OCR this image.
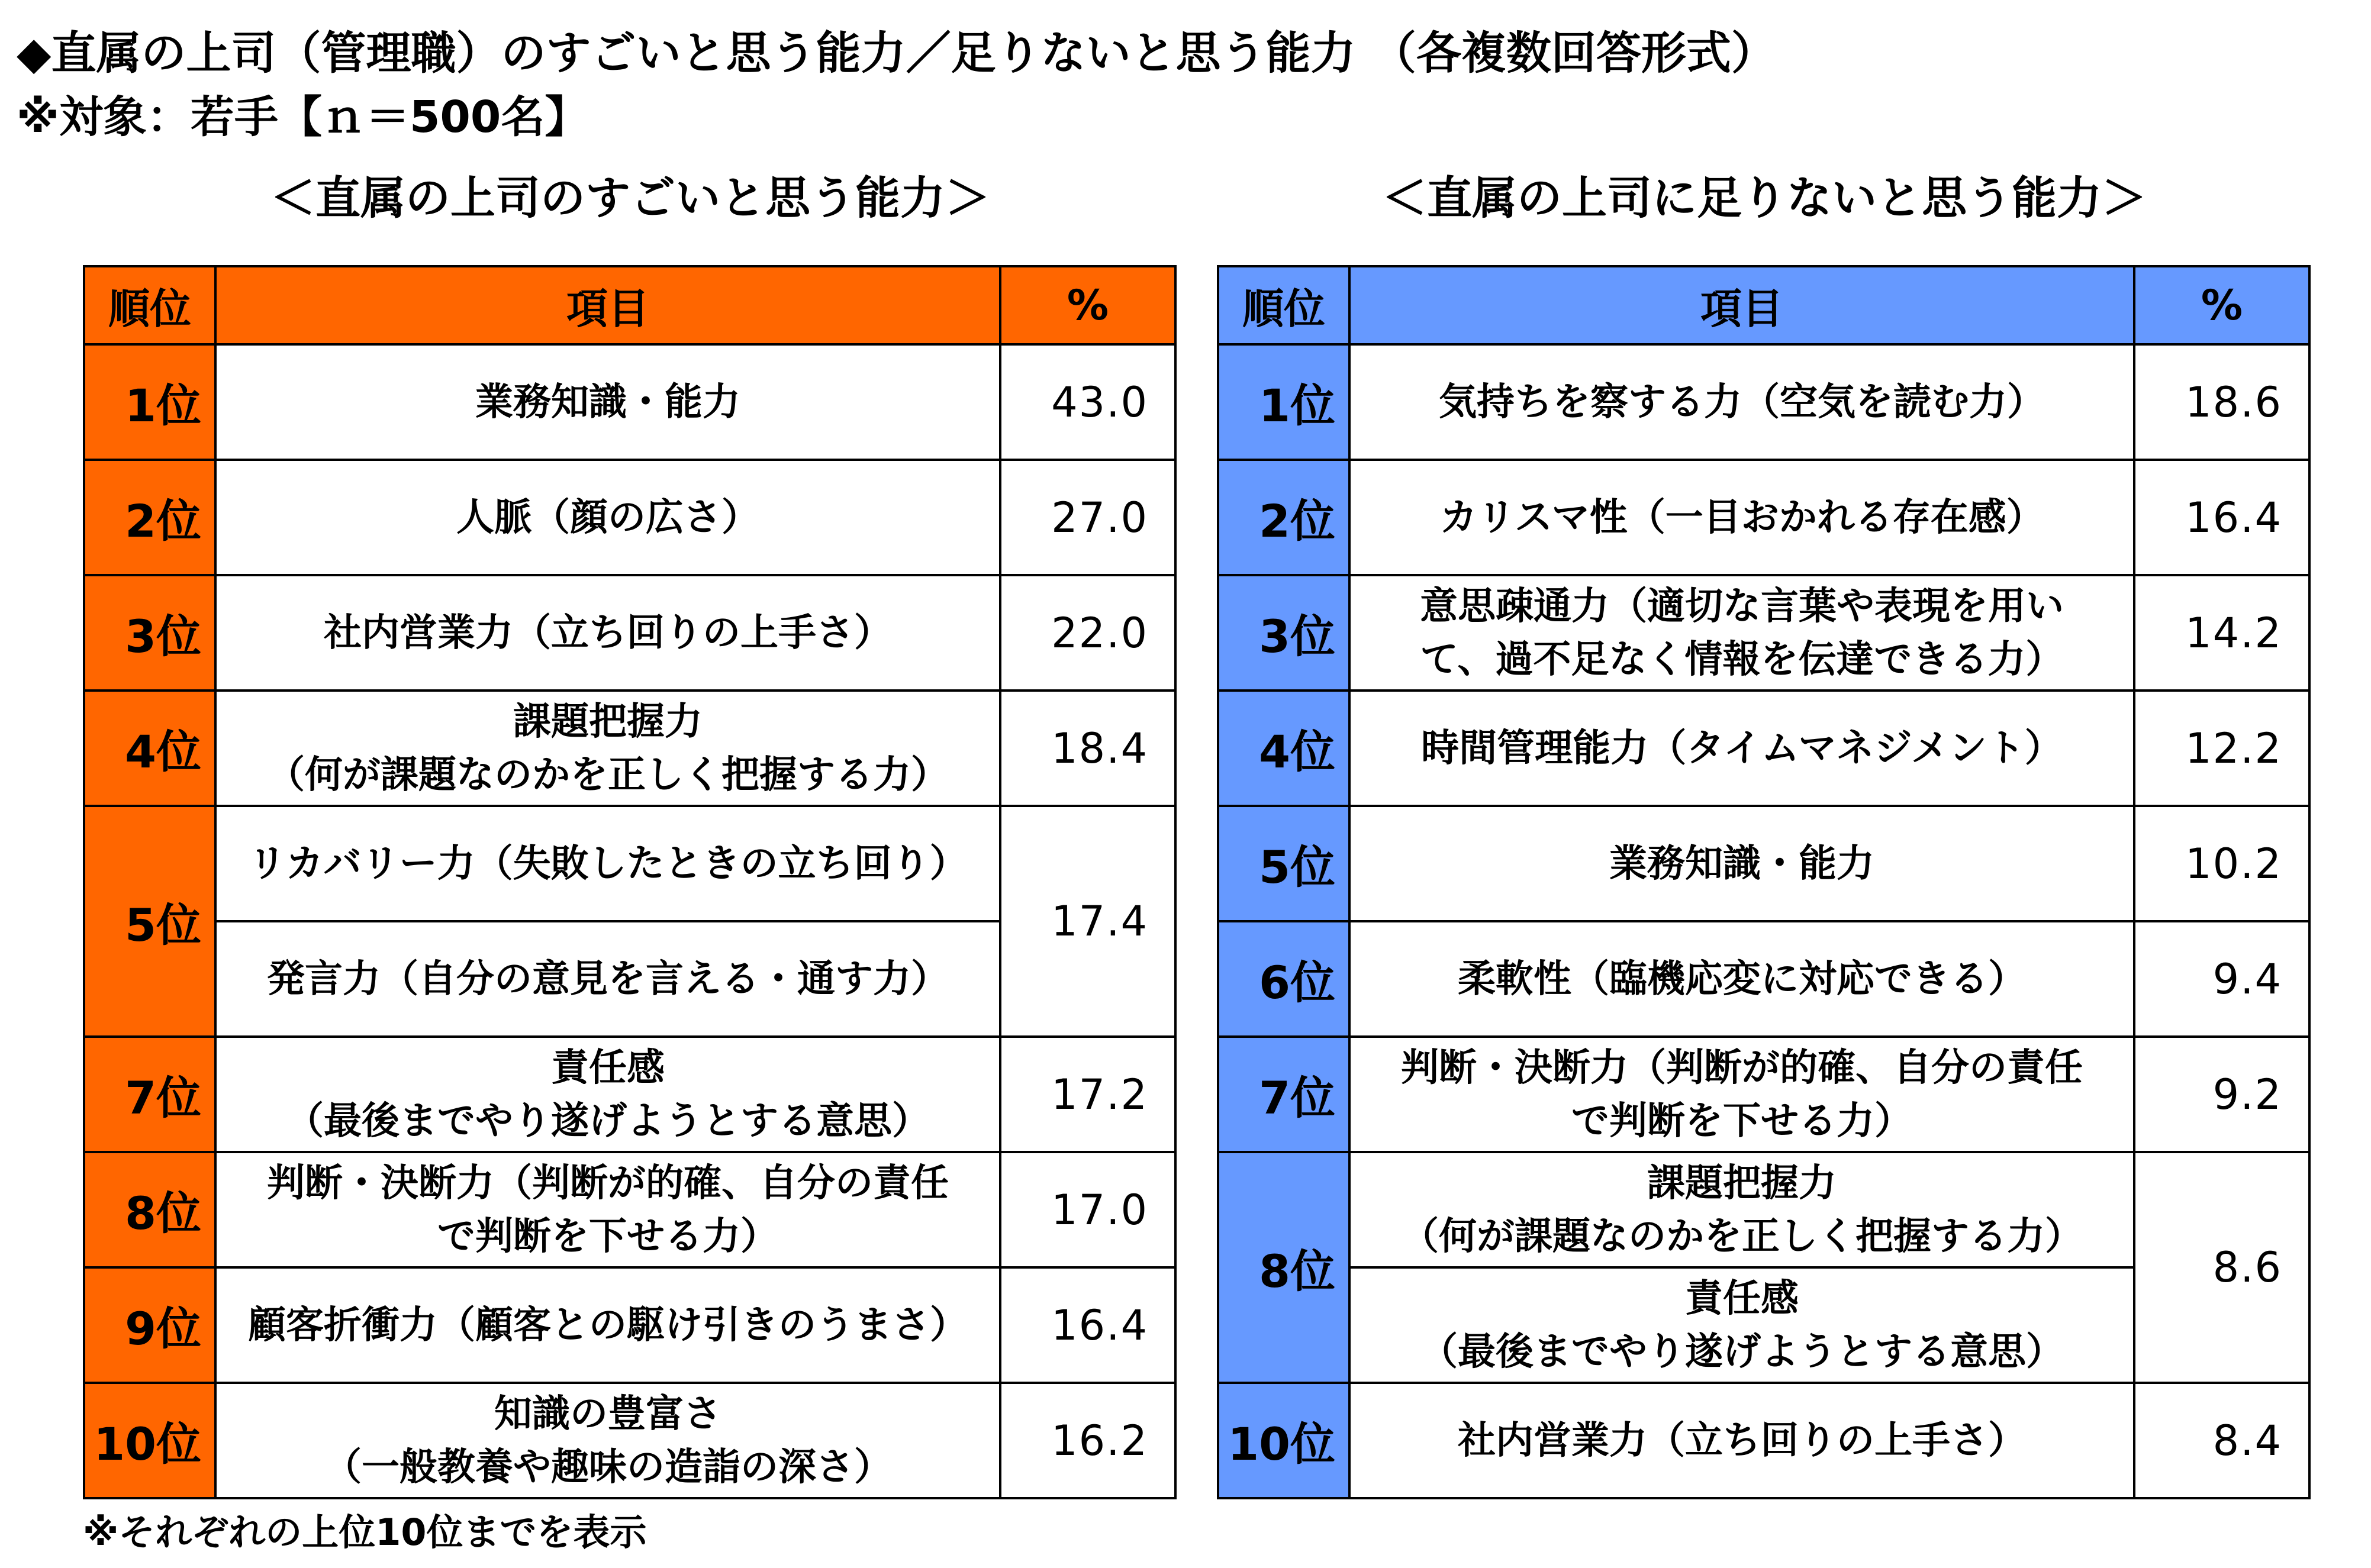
◆直属の上司（管理職）のすごいと思う能力／足りないと思う能力 （各複数回答形式）
※対象：若手【ｎ＝500名】
＜直属の上司のすごいと思う能力＞	＜直属の上司に足りないと思う能力＞
順位	項目	%
1位	業務知識・能力	43.0
2位	人脈（顔の広さ）	27.0
3位	社内営業力（立ち回りの上手さ）	22.0
4位	課題把握力
（何が課題なのかを正しく把握する力）	18.4
5位	リカバリー力（失敗したときの立ち回り）	17.4
	発言力（自分の意見を言える・通す力）	
7位	責任感
（最後までやり遂げようとする意思）	17.2
8位	判断・決断力（判断が的確、自分の責任
で判断を下せる力）	17.0
9位	顧客折衝力（顧客との駆け引きのうまさ）	16.4
10位	知識の豊富さ
（一般教養や趣味の造詣の深さ）	16.2
順位	項目	%
1位	気持ちを察する力（空気を読む力）	18.6
2位	カリスマ性（一目おかれる存在感）	16.4
3位	意思疎通力（適切な言葉や表現を用い
て、過不足なく情報を伝達できる力）	14.2
4位	時間管理能力（タイムマネジメント）	12.2
5位	業務知識・能力	10.2
6位	柔軟性（臨機応変に対応できる）	9.4
7位	判断・決断力（判断が的確、自分の責任
で判断を下せる力）	9.2
8位	課題把握力
（何が課題なのかを正しく把握する力）	8.6
	責任感
（最後までやり遂げようとする意思）	
10位	社内営業力（立ち回りの上手さ）	8.4
※それぞれの上位10位までを表示
